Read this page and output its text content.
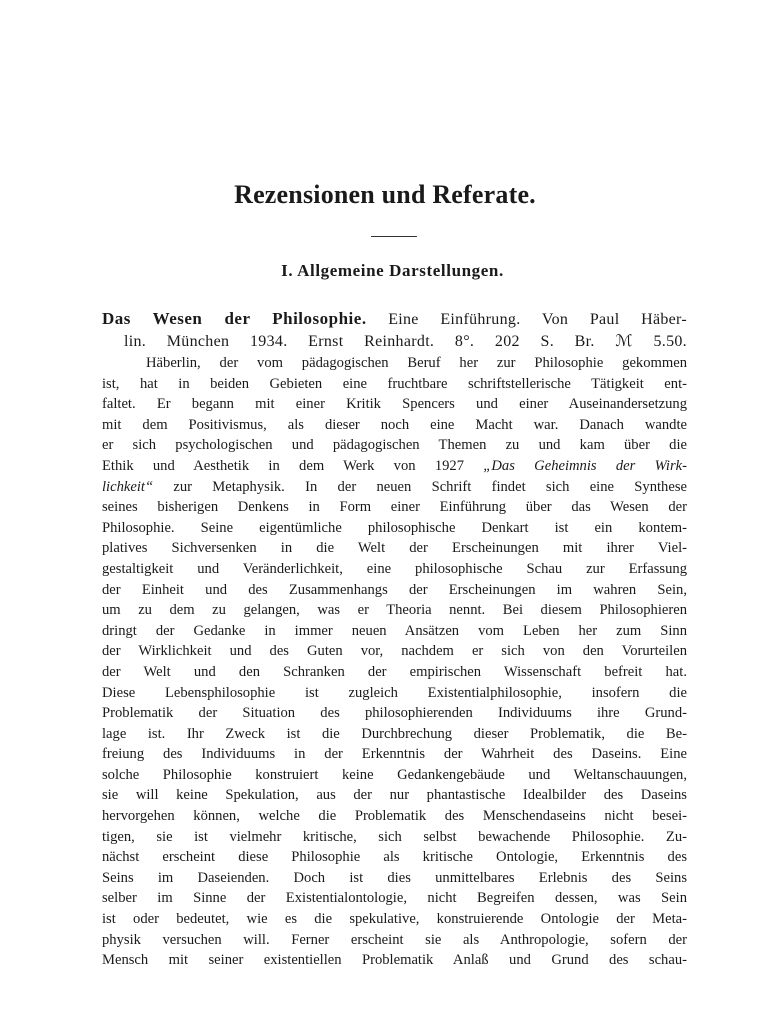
Rezensionen und Referate.
I. Allgemeine Darstellungen.

Das Wesen der Philosophie. Eine Einführung. Von Paul Häber-
lin. München 1934. Ernst Reinhardt. 8°. 202 S. Br. ℳ 5.50.

Häberlin, der vom pädagogischen Beruf her zur Philosophie gekommen
ist, hat in beiden Gebieten eine fruchtbare schriftstellerische Tätigkeit ent-
faltet. Er begann mit einer Kritik Spencers und einer Auseinandersetzung
mit dem Positivismus, als dieser noch eine Macht war. Danach wandte
er sich psychologischen und pädagogischen Themen zu und kam über die
Ethik und Aesthetik in dem Werk von 1927 „Das Geheimnis der Wirk-
lichkeit“ zur Metaphysik. In der neuen Schrift findet sich eine Synthese
seines bisherigen Denkens in Form einer Einführung über das Wesen der
Philosophie. Seine eigentümliche philosophische Denkart ist ein kontem-
platives Sichversenken in die Welt der Erscheinungen mit ihrer Viel-
gestaltigkeit und Veränderlichkeit, eine philosophische Schau zur Erfassung
der Einheit und des Zusammenhangs der Erscheinungen im wahren Sein,
um zu dem zu gelangen, was er Theoria nennt. Bei diesem Philosophieren
dringt der Gedanke in immer neuen Ansätzen vom Leben her zum Sinn
der Wirklichkeit und des Guten vor, nachdem er sich von den Vorurteilen
der Welt und den Schranken der empirischen Wissenschaft befreit hat.
Diese Lebensphilosophie ist zugleich Existentialphilosophie, insofern die
Problematik der Situation des philosophierenden Individuums ihre Grund-
lage ist. Ihr Zweck ist die Durchbrechung dieser Problematik, die Be-
freiung des Individuums in der Erkenntnis der Wahrheit des Daseins. Eine
solche Philosophie konstruiert keine Gedankengebäude und Weltanschauungen,
sie will keine Spekulation, aus der nur phantastische Idealbilder des Daseins
hervorgehen können, welche die Problematik des Menschendaseins nicht besei-
tigen, sie ist vielmehr kritische, sich selbst bewachende Philosophie. Zu-
nächst erscheint diese Philosophie als kritische Ontologie, Erkenntnis des
Seins im Daseienden. Doch ist dies unmittelbares Erlebnis des Seins
selber im Sinne der Existentialontologie, nicht Begreifen dessen, was Sein
ist oder bedeutet, wie es die spekulative, konstruierende Ontologie der Meta-
physik versuchen will. Ferner erscheint sie als Anthropologie, sofern der
Mensch mit seiner existentiellen Problematik Anlaß und Grund des schau-
